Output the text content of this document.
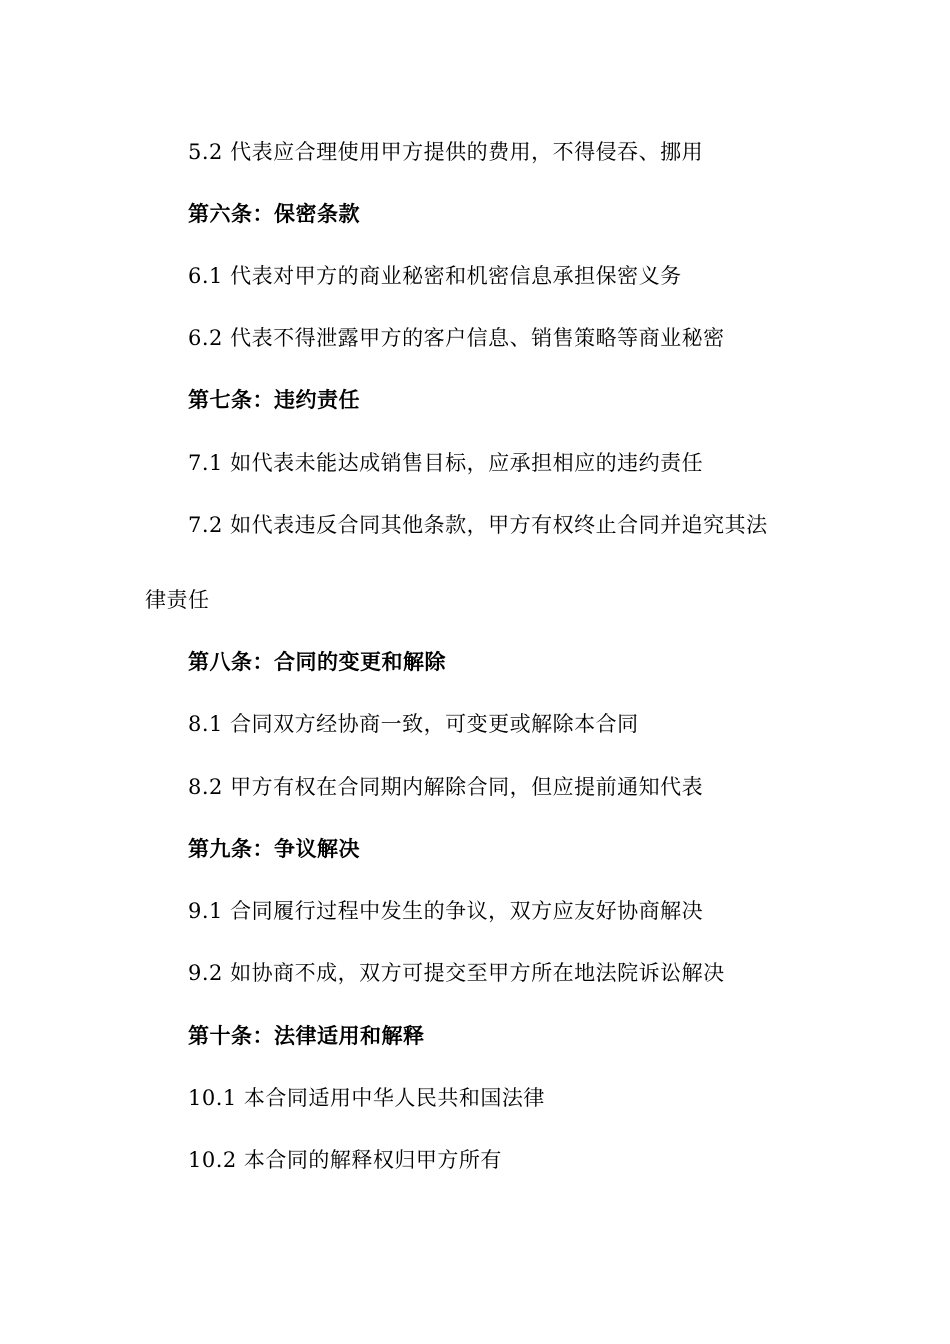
5.2 代表应合理使用甲方提供的费用，不得侵吞、挪用
第六条：保密条款
6.1 代表对甲方的商业秘密和机密信息承担保密义务
6.2 代表不得泄露甲方的客户信息、销售策略等商业秘密
第七条：违约责任
7.1 如代表未能达成销售目标，应承担相应的违约责任
7.2 如代表违反合同其他条款，甲方有权终止合同并追究其法
律责任
第八条：合同的变更和解除
8.1 合同双方经协商一致，可变更或解除本合同
8.2 甲方有权在合同期内解除合同，但应提前通知代表
第九条：争议解决
9.1 合同履行过程中发生的争议，双方应友好协商解决
9.2 如协商不成，双方可提交至甲方所在地法院诉讼解决
第十条：法律适用和解释
10.1 本合同适用中华人民共和国法律
10.2 本合同的解释权归甲方所有
